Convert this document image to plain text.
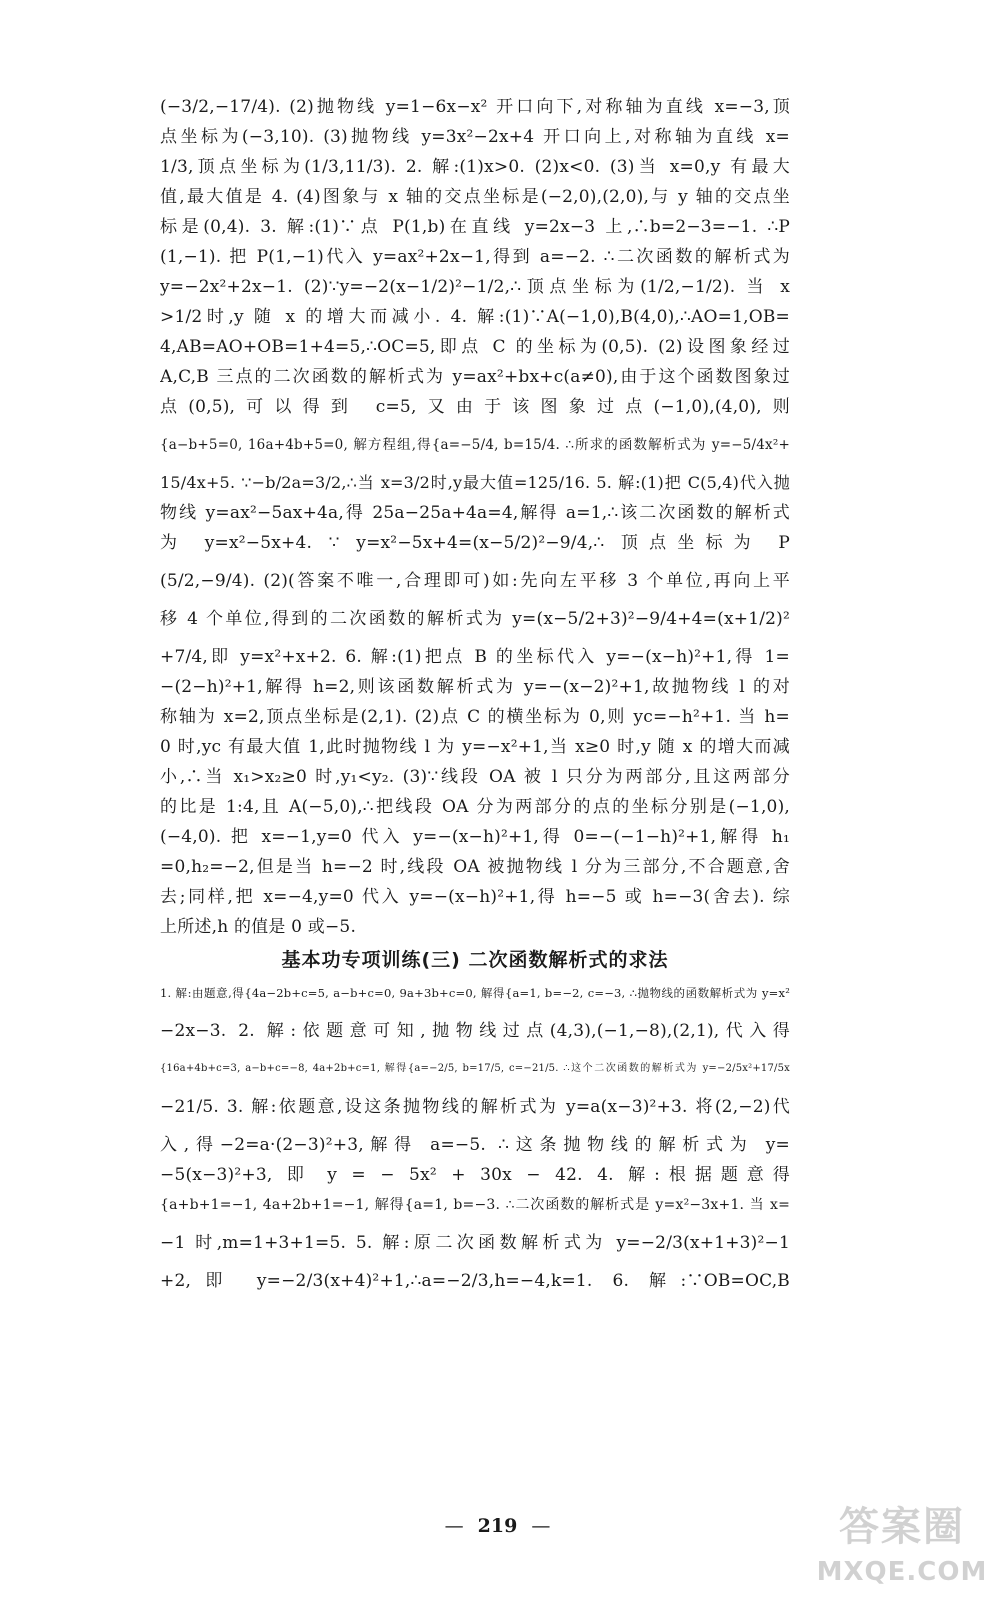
(−3/2,−17/4). (2)抛物线 y=1−6x−x² 开口向下,对称轴为直线 x=−3,顶
点坐标为(−3,10). (3)抛物线 y=3x²−2x+4 开口向上,对称轴为直线 x=
1/3,顶点坐标为(1/3,11/3). 2. 解:(1)x>0. (2)x<0. (3)当 x=0,y 有最大
值,最大值是 4. (4)图象与 x 轴的交点坐标是(−2,0),(2,0),与 y 轴的交点坐
标是(0,4). 3. 解:(1)∵点 P(1,b)在直线 y=2x−3 上,∴b=2−3=−1. ∴P
(1,−1). 把 P(1,−1)代入 y=ax²+2x−1,得到 a=−2. ∴二次函数的解析式为
y=−2x²+2x−1. (2)∵y=−2(x−1/2)²−1/2,∴顶点坐标为(1/2,−1/2). 当 x
>1/2时,y 随 x 的增大而减小. 4. 解:(1)∵A(−1,0),B(4,0),∴AO=1,OB=
4,AB=AO+OB=1+4=5,∴OC=5,即点 C 的坐标为(0,5). (2)设图象经过
A,C,B 三点的二次函数的解析式为 y=ax²+bx+c(a≠0),由于这个函数图象过
点(0,5),可以得到 c=5,又由于该图象过点(−1,0),(4,0),则
{a−b+5=0, 16a+4b+5=0, 解方程组,得{a=−5/4, b=15/4. ∴所求的函数解析式为 y=−5/4x²+
15/4x+5. ∵−b/2a=3/2,∴当 x=3/2时,y最大值=125/16. 5. 解:(1)把 C(5,4)代入抛
物线 y=ax²−5ax+4a,得 25a−25a+4a=4,解得 a=1,∴该二次函数的解析式
为 y=x²−5x+4. ∵ y=x²−5x+4=(x−5/2)²−9/4,∴ 顶点坐标为 P
(5/2,−9/4). (2)(答案不唯一,合理即可)如:先向左平移 3 个单位,再向上平
移 4 个单位,得到的二次函数的解析式为 y=(x−5/2+3)²−9/4+4=(x+1/2)²
+7/4,即 y=x²+x+2. 6. 解:(1)把点 B 的坐标代入 y=−(x−h)²+1,得 1=
−(2−h)²+1,解得 h=2,则该函数解析式为 y=−(x−2)²+1,故抛物线 l 的对
称轴为 x=2,顶点坐标是(2,1). (2)点 C 的横坐标为 0,则 yc=−h²+1. 当 h=
0 时,yc 有最大值 1,此时抛物线 l 为 y=−x²+1,当 x≥0 时,y 随 x 的增大而减
小,∴当 x₁>x₂≥0 时,y₁<y₂. (3)∵线段 OA 被 l 只分为两部分,且这两部分
的比是 1:4,且 A(−5,0),∴把线段 OA 分为两部分的点的坐标分别是(−1,0),
(−4,0). 把 x=−1,y=0 代入 y=−(x−h)²+1,得 0=−(−1−h)²+1,解得 h₁
=0,h₂=−2,但是当 h=−2 时,线段 OA 被抛物线 l 分为三部分,不合题意,舍
去;同样,把 x=−4,y=0 代入 y=−(x−h)²+1,得 h=−5 或 h=−3(舍去). 综
上所述,h 的值是 0 或−5.
基本功专项训练(三) 二次函数解析式的求法
1. 解:由题意,得{4a−2b+c=5, a−b+c=0, 9a+3b+c=0, 解得{a=1, b=−2, c=−3, ∴抛物线的函数解析式为 y=x²
−2x−3. 2. 解:依题意可知,抛物线过点(4,3),(−1,−8),(2,1),代入得
{16a+4b+c=3, a−b+c=−8, 4a+2b+c=1, 解得{a=−2/5, b=17/5, c=−21/5. ∴这个二次函数的解析式为 y=−2/5x²+17/5x
−21/5. 3. 解:依题意,设这条抛物线的解析式为 y=a(x−3)²+3. 将(2,−2)代
入,得−2=a·(2−3)²+3,解得 a=−5. ∴这条抛物线的解析式为 y=
−5(x−3)²+3, 即 y = − 5x² + 30x − 42. 4. 解:根据题意得
{a+b+1=−1, 4a+2b+1=−1, 解得{a=1, b=−3. ∴二次函数的解析式是 y=x²−3x+1. 当 x=
−1 时,m=1+3+1=5. 5. 解:原二次函数解析式为 y=−2/3(x+1+3)²−1
+2,即 y=−2/3(x+4)²+1,∴a=−2/3,h=−4,k=1. 6. 解:∵OB=OC,B
— 219 —	答案圈
MXQE.COM
